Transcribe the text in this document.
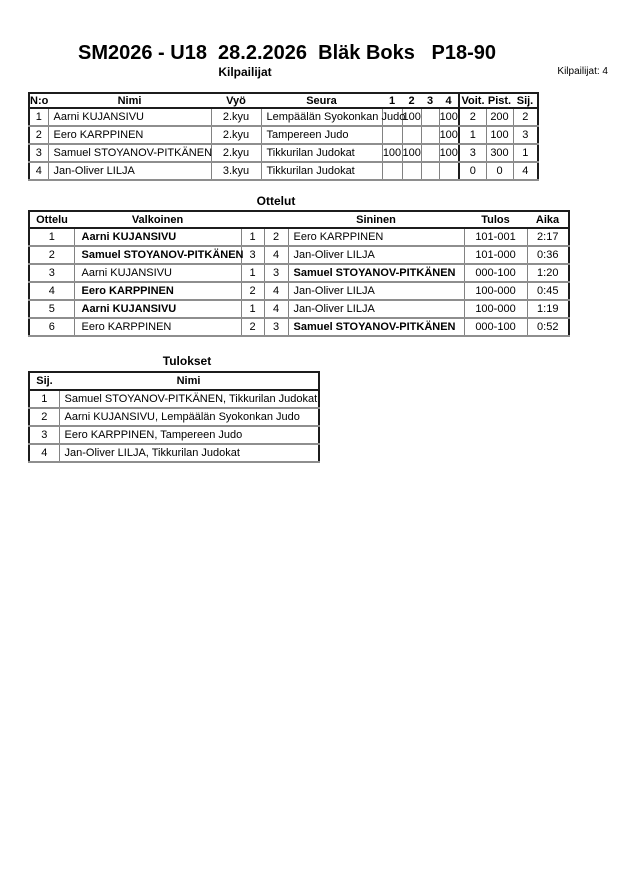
SM2026 - U18  28.2.2026  Bläk Boks   P18-90
Kilpailijat	Kilpailijat: 4
N:o	Nimi	Vyö	Seura	1	2	3	4	Voit.	Pist.	Sij.
1	Aarni KUJANSIVU	2.kyu	Lempäälän Syokonkan Judo		100		100	2	200	2
2	Eero KARPPINEN	2.kyu	Tampereen Judo				100	1	100	3
3	Samuel STOYANOV-PITKÄNEN	2.kyu	Tikkurilan Judokat	100	100		100	3	300	1
4	Jan-Oliver LILJA	3.kyu	Tikkurilan Judokat					0	0	4
Ottelut
Ottelu	Valkoinen			Sininen	Tulos	Aika
1	Aarni KUJANSIVU	1	2	Eero KARPPINEN	101-001	2:17
2	Samuel STOYANOV-PITKÄNEN	3	4	Jan-Oliver LILJA	101-000	0:36
3	Aarni KUJANSIVU	1	3	Samuel STOYANOV-PITKÄNEN	000-100	1:20
4	Eero KARPPINEN	2	4	Jan-Oliver LILJA	100-000	0:45
5	Aarni KUJANSIVU	1	4	Jan-Oliver LILJA	100-000	1:19
6	Eero KARPPINEN	2	3	Samuel STOYANOV-PITKÄNEN	000-100	0:52
Tulokset
Sij.	Nimi
1	Samuel STOYANOV-PITKÄNEN, Tikkurilan Judokat
2	Aarni KUJANSIVU, Lempäälän Syokonkan Judo
3	Eero KARPPINEN, Tampereen Judo
4	Jan-Oliver LILJA, Tikkurilan Judokat
